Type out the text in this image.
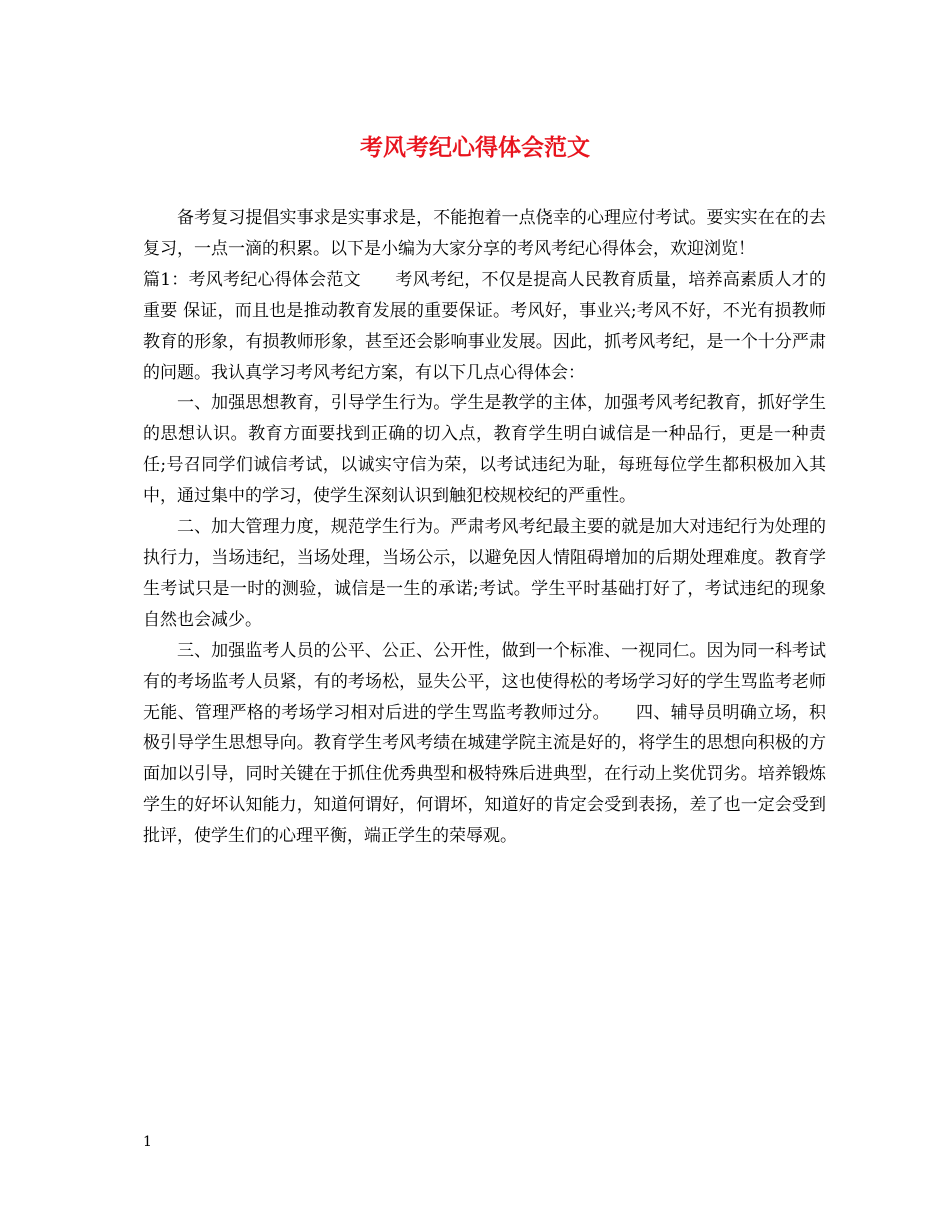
考风考纪心得体会范文

备考复习提倡实事求是实事求是，不能抱着一点侥幸的心理应付考试。要实实在在的去复习，一点一滴的积累。以下是小编为大家分享的考风考纪心得体会，欢迎浏览！

篇1：考风考纪心得体会范文　　考风考纪，不仅是提高人民教育质量，培养高素质人才的重要 保证，而且也是推动教育发展的重要保证。考风好，事业兴;考风不好，不光有损教师教育的形象，有损教师形象，甚至还会影响事业发展。因此，抓考风考纪，是一个十分严肃的问题。我认真学习考风考纪方案，有以下几点心得体会：

一、加强思想教育，引导学生行为。学生是教学的主体，加强考风考纪教育，抓好学生的思想认识。教育方面要找到正确的切入点，教育学生明白诚信是一种品行，更是一种责任;号召同学们诚信考试，以诚实守信为荣，以考试违纪为耻，每班每位学生都积极加入其中，通过集中的学习，使学生深刻认识到触犯校规校纪的严重性。

二、加大管理力度，规范学生行为。严肃考风考纪最主要的就是加大对违纪行为处理的执行力，当场违纪，当场处理，当场公示，以避免因人情阻碍增加的后期处理难度。教育学生考试只是一时的测验，诚信是一生的承诺;考试。学生平时基础打好了，考试违纪的现象自然也会减少。

三、加强监考人员的公平、公正、公开性，做到一个标准、一视同仁。因为同一科考试有的考场监考人员紧，有的考场松，显失公平，这也使得松的考场学习好的学生骂监考老师无能、管理严格的考场学习相对后进的学生骂监考教师过分。　　四、辅导员明确立场，积极引导学生思想导向。教育学生考风考绩在城建学院主流是好的，将学生的思想向积极的方面加以引导，同时关键在于抓住优秀典型和极特殊后进典型，在行动上奖优罚劣。培养锻炼学生的好坏认知能力，知道何谓好，何谓坏，知道好的肯定会受到表扬，差了也一定会受到批评，使学生们的心理平衡，端正学生的荣辱观。

1
